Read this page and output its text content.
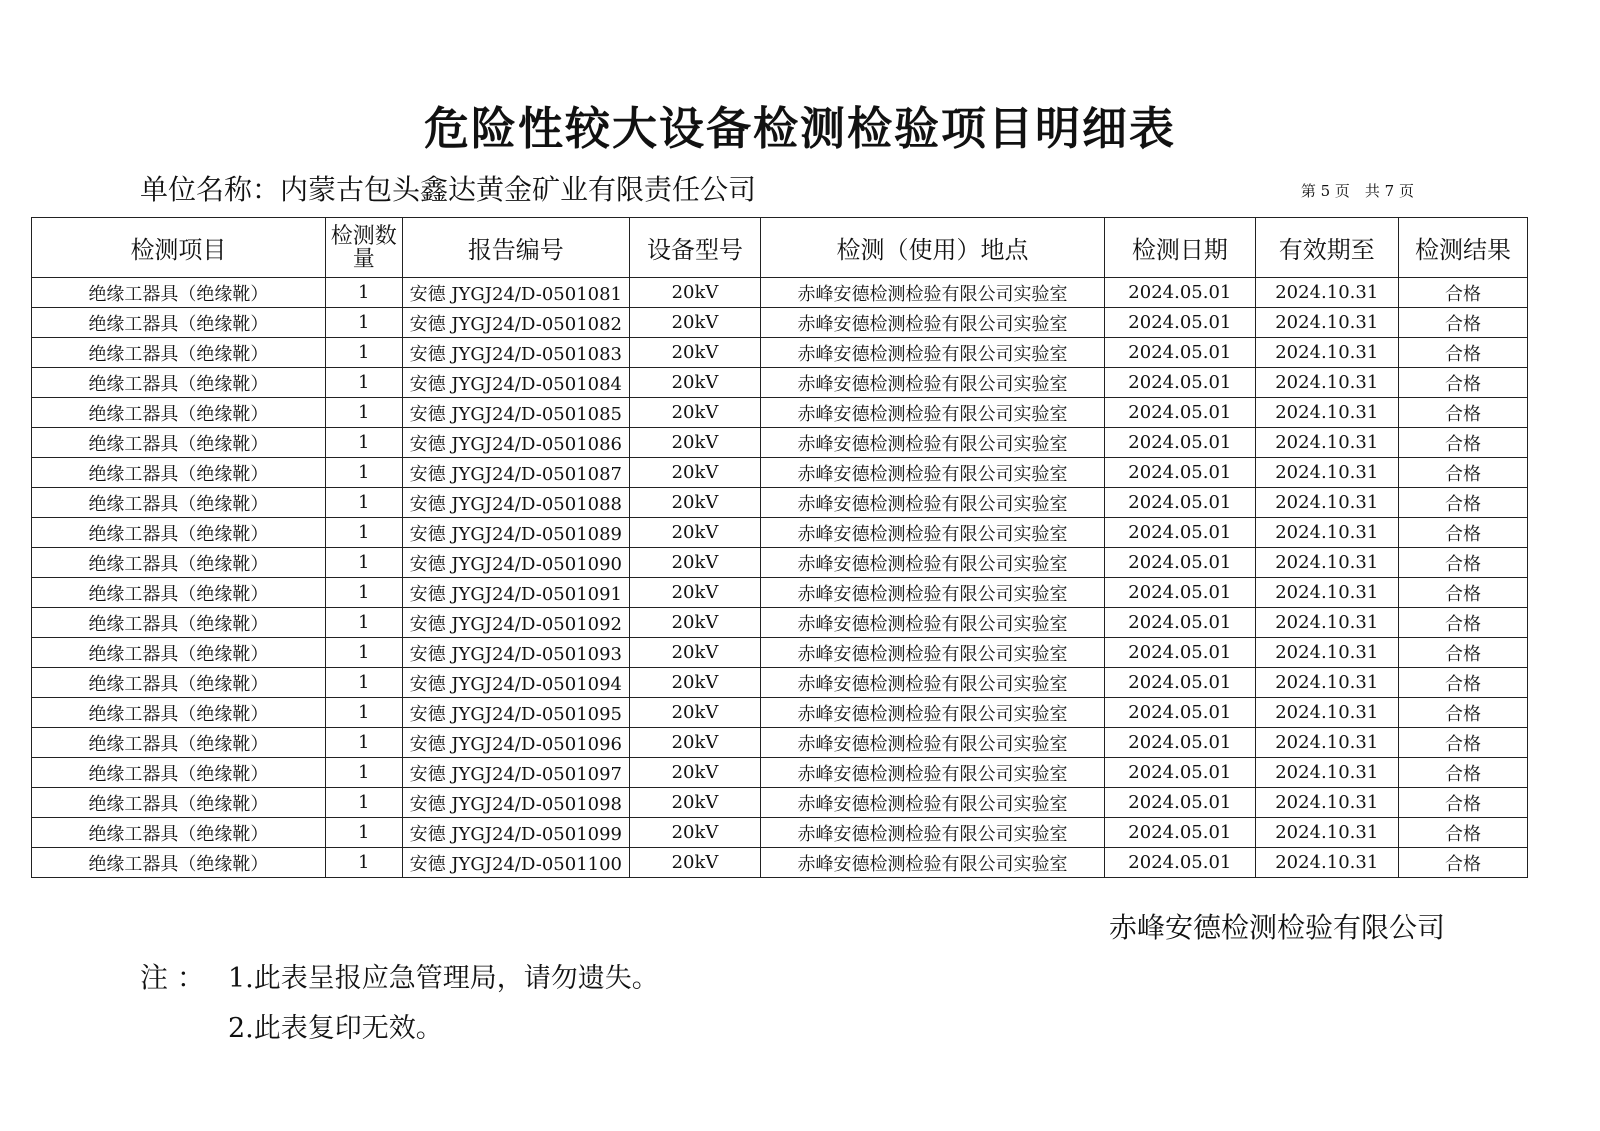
危险性较大设备检测检验项目明细表
单位名称：内蒙古包头鑫达黄金矿业有限责任公司	第 5 页　共 7 页
检测项目	检测数量	报告编号	设备型号	检测（使用）地点	检测日期	有效期至	检测结果
绝缘工器具（绝缘靴）	1	安德 JYGJ24/D-0501081	20kV	赤峰安德检测检验有限公司实验室	2024.05.01	2024.10.31	合格
绝缘工器具（绝缘靴）	1	安德 JYGJ24/D-0501082	20kV	赤峰安德检测检验有限公司实验室	2024.05.01	2024.10.31	合格
绝缘工器具（绝缘靴）	1	安德 JYGJ24/D-0501083	20kV	赤峰安德检测检验有限公司实验室	2024.05.01	2024.10.31	合格
绝缘工器具（绝缘靴）	1	安德 JYGJ24/D-0501084	20kV	赤峰安德检测检验有限公司实验室	2024.05.01	2024.10.31	合格
绝缘工器具（绝缘靴）	1	安德 JYGJ24/D-0501085	20kV	赤峰安德检测检验有限公司实验室	2024.05.01	2024.10.31	合格
绝缘工器具（绝缘靴）	1	安德 JYGJ24/D-0501086	20kV	赤峰安德检测检验有限公司实验室	2024.05.01	2024.10.31	合格
绝缘工器具（绝缘靴）	1	安德 JYGJ24/D-0501087	20kV	赤峰安德检测检验有限公司实验室	2024.05.01	2024.10.31	合格
绝缘工器具（绝缘靴）	1	安德 JYGJ24/D-0501088	20kV	赤峰安德检测检验有限公司实验室	2024.05.01	2024.10.31	合格
绝缘工器具（绝缘靴）	1	安德 JYGJ24/D-0501089	20kV	赤峰安德检测检验有限公司实验室	2024.05.01	2024.10.31	合格
绝缘工器具（绝缘靴）	1	安德 JYGJ24/D-0501090	20kV	赤峰安德检测检验有限公司实验室	2024.05.01	2024.10.31	合格
绝缘工器具（绝缘靴）	1	安德 JYGJ24/D-0501091	20kV	赤峰安德检测检验有限公司实验室	2024.05.01	2024.10.31	合格
绝缘工器具（绝缘靴）	1	安德 JYGJ24/D-0501092	20kV	赤峰安德检测检验有限公司实验室	2024.05.01	2024.10.31	合格
绝缘工器具（绝缘靴）	1	安德 JYGJ24/D-0501093	20kV	赤峰安德检测检验有限公司实验室	2024.05.01	2024.10.31	合格
绝缘工器具（绝缘靴）	1	安德 JYGJ24/D-0501094	20kV	赤峰安德检测检验有限公司实验室	2024.05.01	2024.10.31	合格
绝缘工器具（绝缘靴）	1	安德 JYGJ24/D-0501095	20kV	赤峰安德检测检验有限公司实验室	2024.05.01	2024.10.31	合格
绝缘工器具（绝缘靴）	1	安德 JYGJ24/D-0501096	20kV	赤峰安德检测检验有限公司实验室	2024.05.01	2024.10.31	合格
绝缘工器具（绝缘靴）	1	安德 JYGJ24/D-0501097	20kV	赤峰安德检测检验有限公司实验室	2024.05.01	2024.10.31	合格
绝缘工器具（绝缘靴）	1	安德 JYGJ24/D-0501098	20kV	赤峰安德检测检验有限公司实验室	2024.05.01	2024.10.31	合格
绝缘工器具（绝缘靴）	1	安德 JYGJ24/D-0501099	20kV	赤峰安德检测检验有限公司实验室	2024.05.01	2024.10.31	合格
绝缘工器具（绝缘靴）	1	安德 JYGJ24/D-0501100	20kV	赤峰安德检测检验有限公司实验室	2024.05.01	2024.10.31	合格
赤峰安德检测检验有限公司
注 ： 1.此表呈报应急管理局，请勿遗失。
2.此表复印无效。
